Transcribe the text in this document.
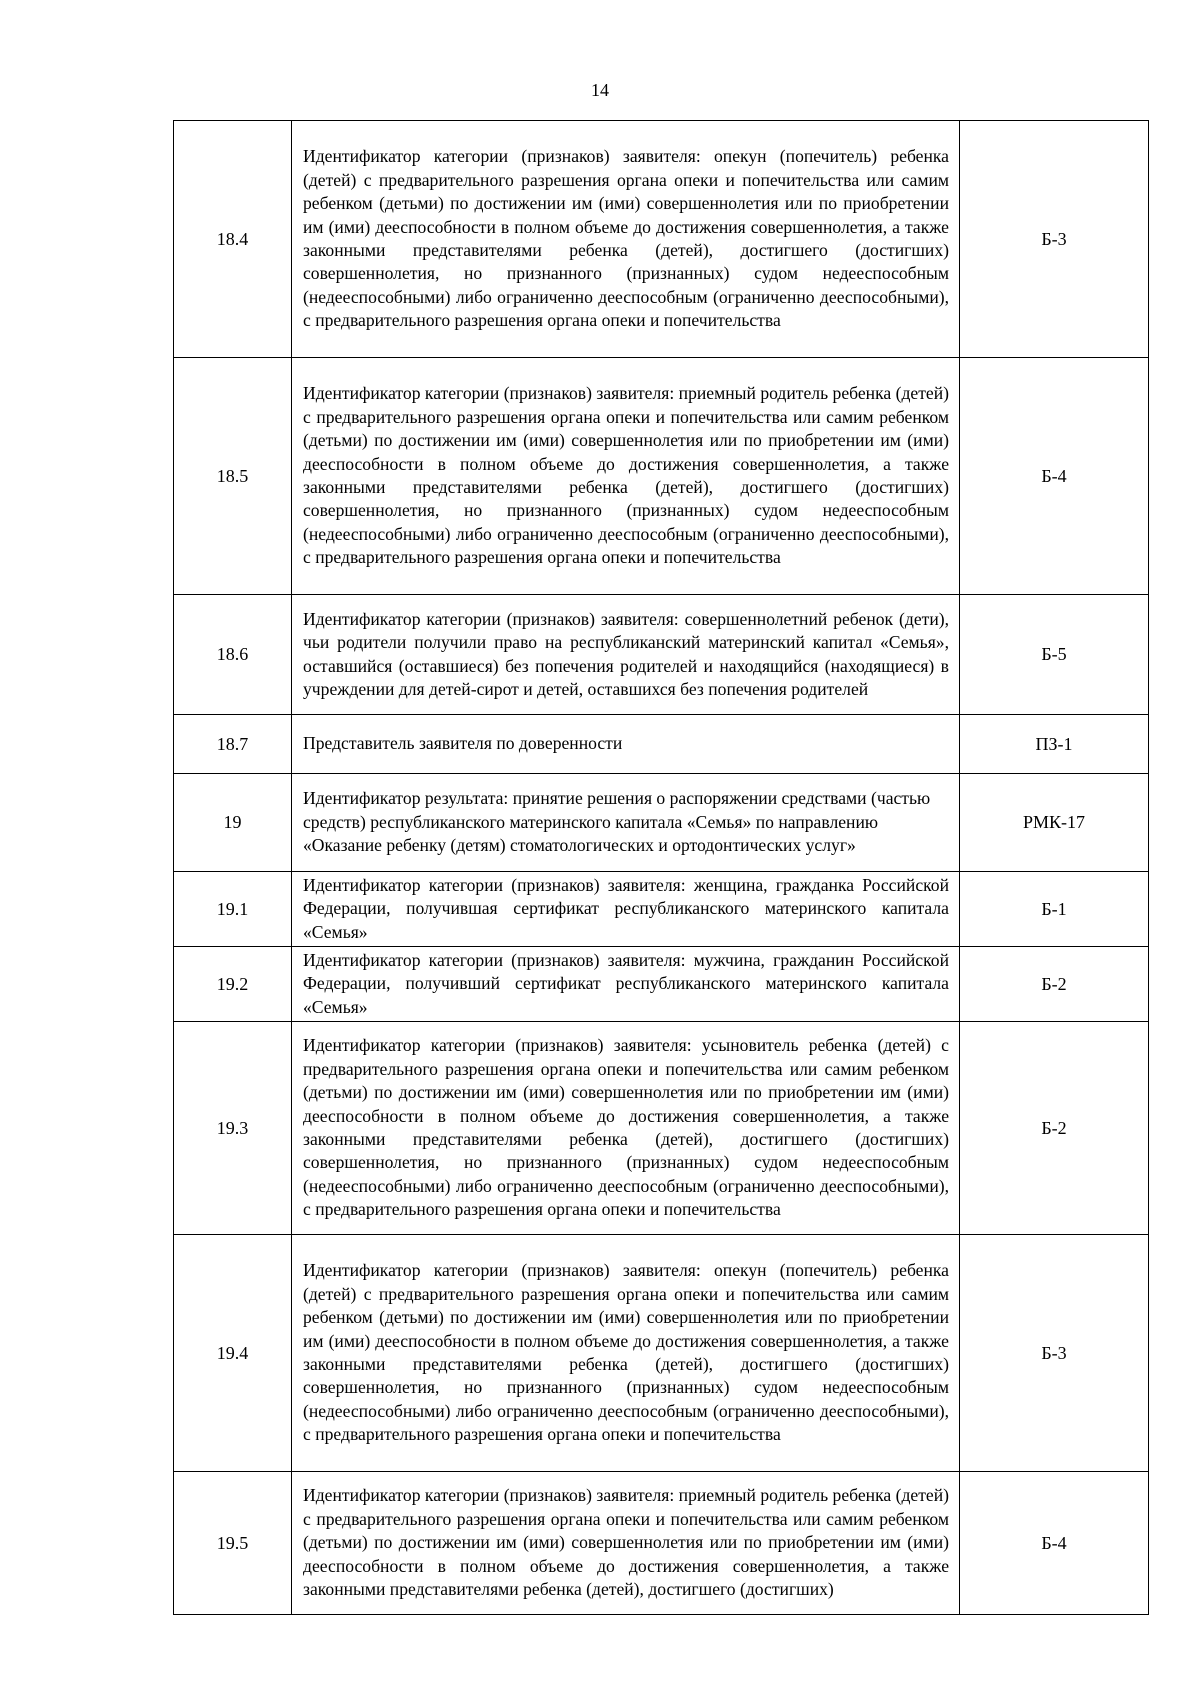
14
18.4	Идентификатор категории (признаков) заявителя: опекун (попечитель) ребенка (детей) с предварительного разрешения органа опеки и попечительства или самим ребенком (детьми) по достижении им (ими) совершеннолетия или по приобретении им (ими) дееспособности в полном объеме до достижения совершеннолетия, а также законными представителями ребенка (детей), достигшего (достигших) совершеннолетия, но признанного (признанных) судом недееспособным (недееспособными) либо ограниченно дееспособным (ограниченно дееспособными), с предварительного разрешения органа опеки и попечительства	Б-3
18.5	Идентификатор категории (признаков) заявителя: приемный родитель ребенка (детей) с предварительного разрешения органа опеки и попечительства или самим ребенком (детьми) по достижении им (ими) совершеннолетия или по приобретении им (ими) дееспособности в полном объеме до достижения совершеннолетия, а также законными представителями ребенка (детей), достигшего (достигших) совершеннолетия, но признанного (признанных) судом недееспособным (недееспособными) либо ограниченно дееспособным (ограниченно дееспособными), с предварительного разрешения органа опеки и попечительства	Б-4
18.6	Идентификатор категории (признаков) заявителя: совершеннолетний ребенок (дети), чьи родители получили право на республиканский материнский капитал «Семья», оставшийся (оставшиеся) без попечения родителей и находящийся (находящиеся) в учреждении для детей-сирот и детей, оставшихся без попечения родителей	Б-5
18.7	Представитель заявителя по доверенности	ПЗ-1
19	Идентификатор результата: принятие решения о распоряжении средствами (частью средств) республиканского материнского капитала «Семья» по направлению «Оказание ребенку (детям) стоматологических и ортодонтических услуг»	РМК-17
19.1	Идентификатор категории (признаков) заявителя: женщина, гражданка Российской Федерации, получившая сертификат республиканского материнского капитала «Семья»	Б-1
19.2	Идентификатор категории (признаков) заявителя: мужчина, гражданин Российской Федерации, получивший сертификат республиканского материнского капитала «Семья»	Б-2
19.3	Идентификатор категории (признаков) заявителя: усыновитель ребенка (детей) с предварительного разрешения органа опеки и попечительства или самим ребенком (детьми) по достижении им (ими) совершеннолетия или по приобретении им (ими) дееспособности в полном объеме до достижения совершеннолетия, а также законными представителями ребенка (детей), достигшего (достигших) совершеннолетия, но признанного (признанных) судом недееспособным (недееспособными) либо ограниченно дееспособным (ограниченно дееспособными), с предварительного разрешения органа опеки и попечительства	Б-2
19.4	Идентификатор категории (признаков) заявителя: опекун (попечитель) ребенка (детей) с предварительного разрешения органа опеки и попечительства или самим ребенком (детьми) по достижении им (ими) совершеннолетия или по приобретении им (ими) дееспособности в полном объеме до достижения совершеннолетия, а также законными представителями ребенка (детей), достигшего (достигших) совершеннолетия, но признанного (признанных) судом недееспособным (недееспособными) либо ограниченно дееспособным (ограниченно дееспособными), с предварительного разрешения органа опеки и попечительства	Б-3
19.5	Идентификатор категории (признаков) заявителя: приемный родитель ребенка (детей) с предварительного разрешения органа опеки и попечительства или самим ребенком (детьми) по достижении им (ими) совершеннолетия или по приобретении им (ими) дееспособности в полном объеме до достижения совершеннолетия, а также законными представителями ребенка (детей), достигшего (достигших)	Б-4
